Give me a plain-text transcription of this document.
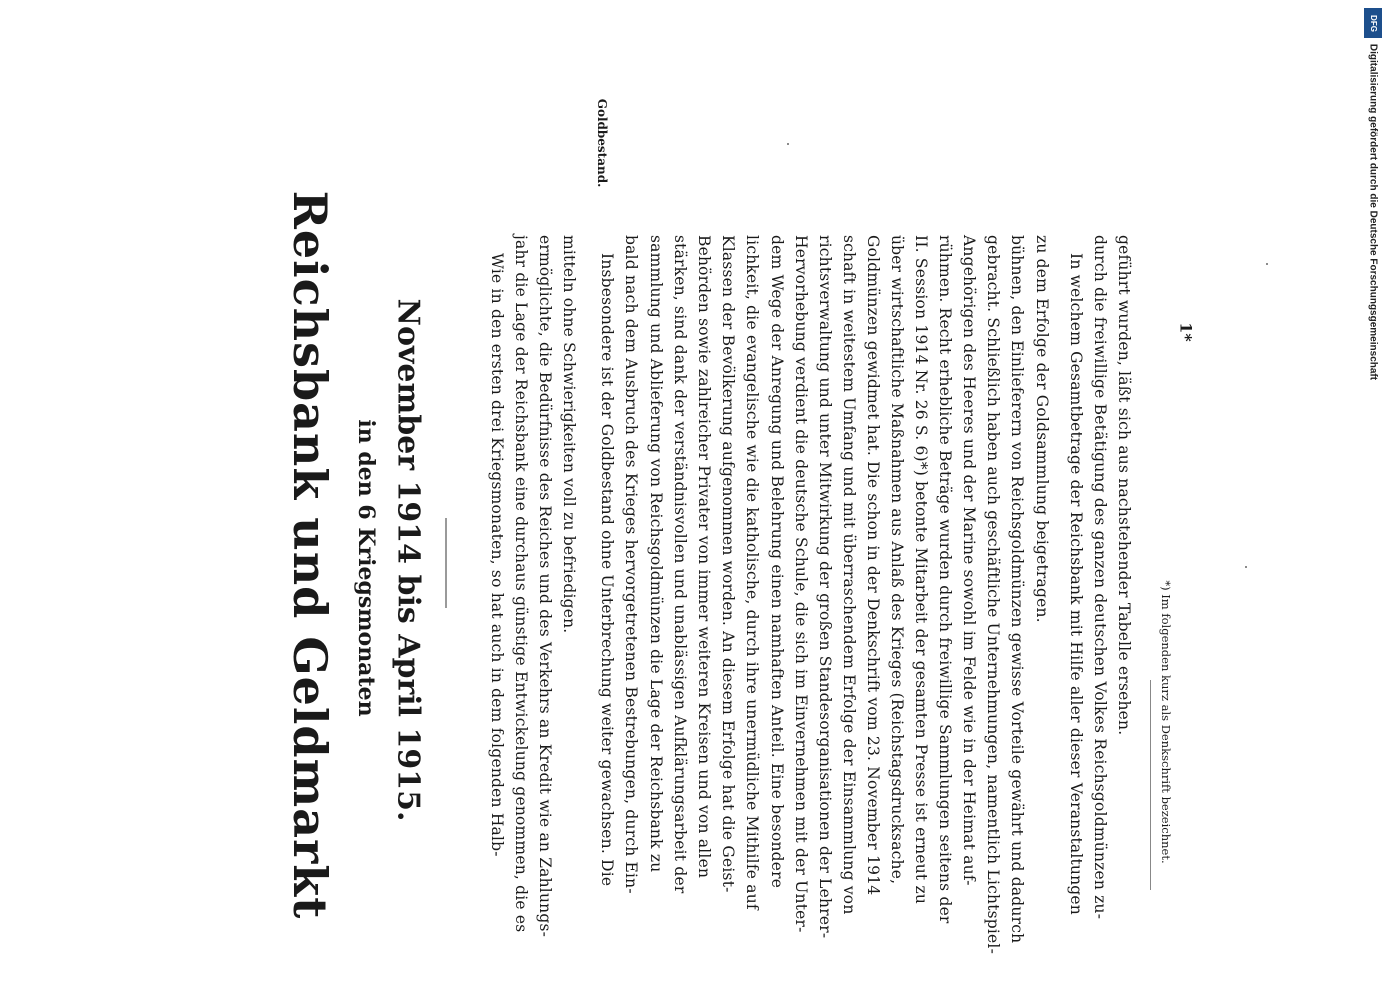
Reichsbank und Geldmarkt in den 6 Kriegsmonaten November 1914 bis April 1915.	Wie in den ersten drei Kriegsmonaten, so hat auch in dem folgenden Halb- jahr die Lage der Reichsbank eine durchaus günstige Entwickelung genommen, die es ermöglichte, die Bedürfnisse des Reiches und des Verkehrs an Kredit wie an Zahlungs- mitteln ohne Schwierigkeiten voll zu befriedigen. Insbesondere ist der Goldbestand ohne Unterbrechung weiter gewachsen. Die bald nach dem Ausbruch des Krieges hervorgetretenen Bestrebungen, durch Ein- sammlung und Ablieferung von Reichsgoldmünzen die Lage der Reichsbank zu stärken, sind dank der verständnisvollen und unablässigen Aufklärungsarbeit der Behörden sowie zahlreicher Privater von immer weiteren Kreisen und von allen Klassen der Bevölkerung aufgenommen worden. An diesem Erfolge hat die Geist- lichkeit, die evangelische wie die katholische, durch ihre unermüdliche Mithilfe auf dem Wege der Anregung und Belehrung einen namhaften Anteil. Eine besondere Hervorhebung verdient die deutsche Schule, die sich im Einvernehmen mit der Unter- richtsverwaltung und unter Mitwirkung der großen Standesorganisationen der Lehrer- schaft in weitestem Umfang und mit überraschendem Erfolge der Einsammlung von Goldmünzen gewidmet hat. Die schon in der Denkschrift vom 23. November 1914 über wirtschaftliche Maßnahmen aus Anlaß des Krieges (Reichstagsdrucksache, II. Session 1914 Nr. 26 S. 6)*) betonte Mitarbeit der gesamten Presse ist erneut zu rühmen. Recht erhebliche Beträge wurden durch freiwillige Sammlungen seitens der Angehörigen des Heeres und der Marine sowohl im Felde wie in der Heimat auf- gebracht. Schließlich haben auch geschäftliche Unternehmungen, namentlich Lichtspiel- bühnen, den Einlieferern von Reichsgoldmünzen gewisse Vorteile gewährt und dadurch zu dem Erfolge der Goldsammlung beigetragen. In welchem Gesamtbetrage der Reichsbank mit Hilfe aller dieser Veranstaltungen durch die freiwillige Betätigung des ganzen deutschen Volkes Reichsgoldmünzen zu- geführt wurden, läßt sich aus nachstehender Tabelle ersehen.
Goldbestand.
*) Im folgenden kurz als Denkschrift bezeichnet.
1*
DFG
Digitalisierung gefördert durch die Deutsche Forschungsgemeinschaft
